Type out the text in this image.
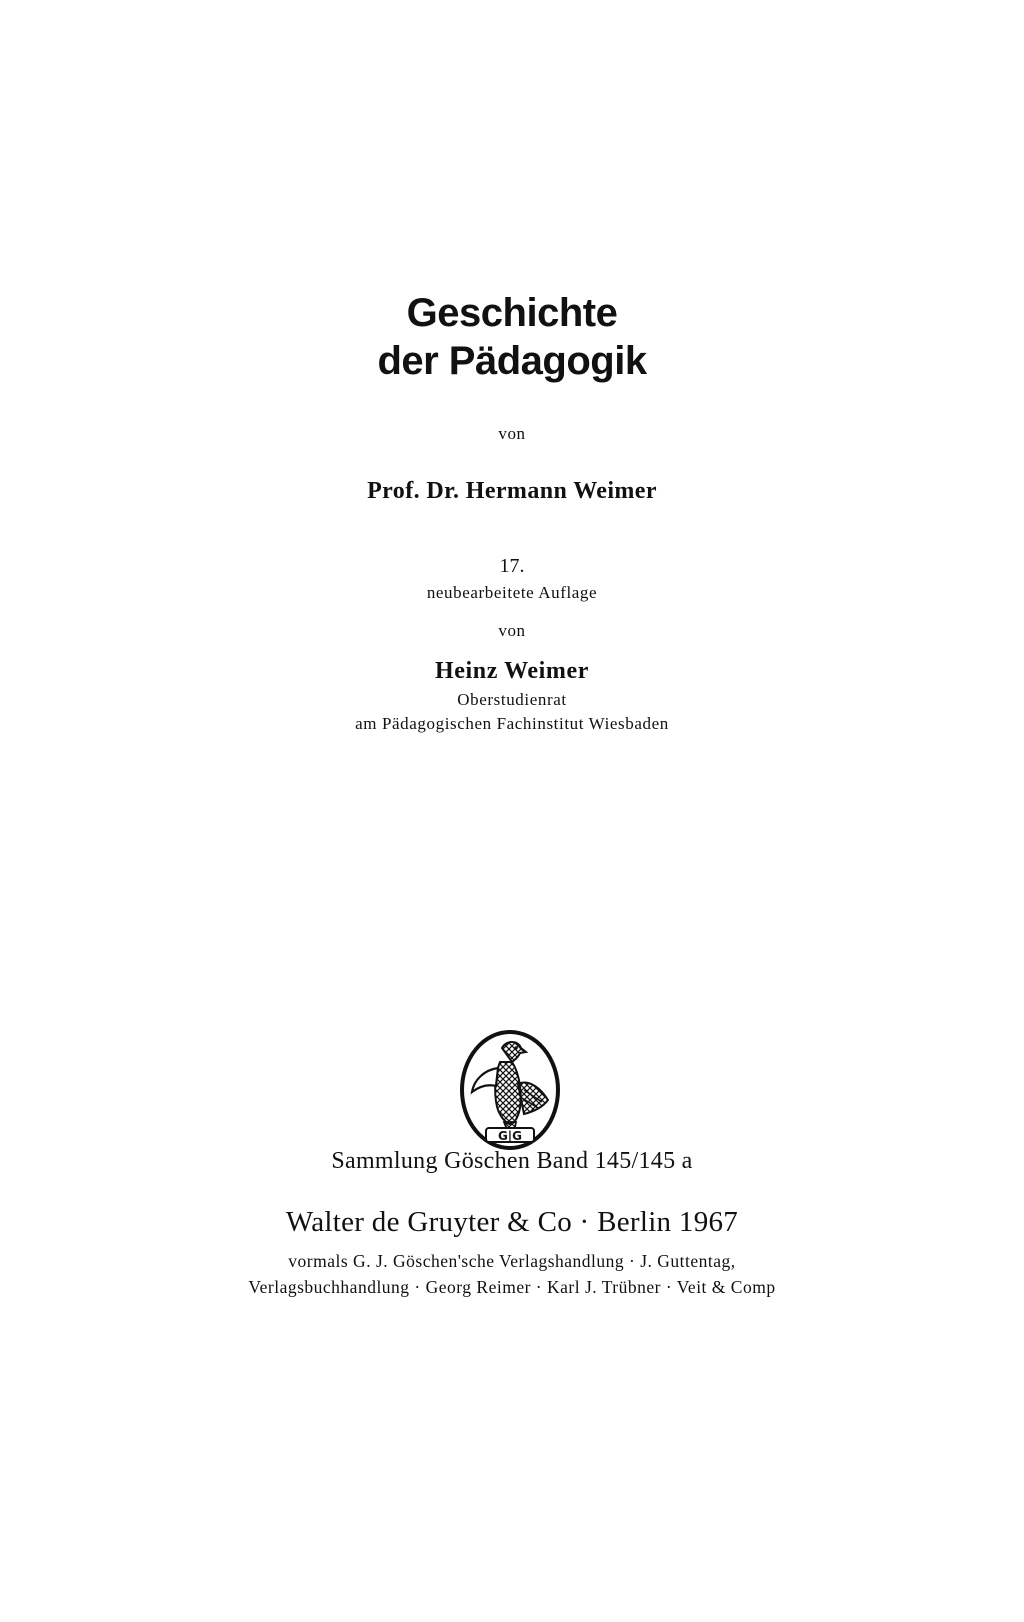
Geschichte
der Pädagogik
von
Prof. Dr. Hermann Weimer
17.
neubearbeitete Auflage
von
Heinz Weimer
Oberstudienrat
am Pädagogischen Fachinstitut Wiesbaden
G|G
Sammlung Göschen Band 145/145 a
Walter de Gruyter & Co · Berlin 1967
vormals G. J. Göschen'sche Verlagshandlung · J. Guttentag,
Verlagsbuchhandlung · Georg Reimer · Karl J. Trübner · Veit & Comp
